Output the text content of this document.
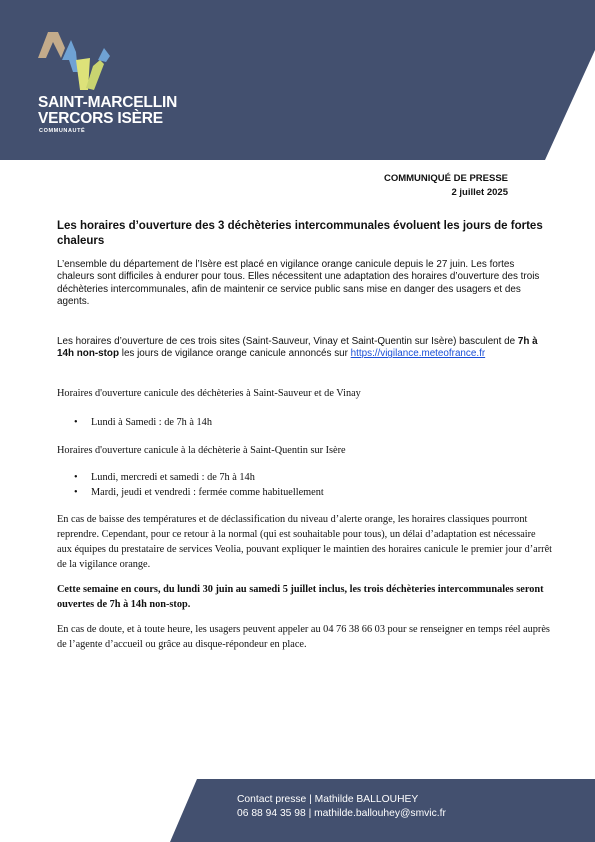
SAINT-MARCELLIN
VERCORS ISÈRE
COMMUNAUTÉ
COMMUNIQUÉ DE PRESSE
2 juillet 2025
Les horaires d’ouverture des 3 déchèteries intercommunales évoluent les jours de fortes chaleurs
L’ensemble du département de l’Isère est placé en vigilance orange canicule depuis le 27 juin. Les fortes chaleurs sont difficiles à endurer pour tous. Elles nécessitent une adaptation des horaires d’ouverture des trois déchèteries intercommunales, afin de maintenir ce service public sans mise en danger des usagers et des agents.
Les horaires d’ouverture de ces trois sites (Saint-Sauveur, Vinay et Saint-Quentin sur Isère) basculent de 7h à 14h non-stop les jours de vigilance orange canicule annoncés sur https://vigilance.meteofrance.fr
Horaires d'ouverture canicule des déchèteries à Saint-Sauveur et de Vinay
• Lundi à Samedi : de 7h à 14h
Horaires d'ouverture canicule à la déchèterie à Saint-Quentin sur Isère
• Lundi, mercredi et samedi : de 7h à 14h
• Mardi, jeudi et vendredi : fermée comme habituellement
En cas de baisse des températures et de déclassification du niveau d’alerte orange, les horaires classiques pourront reprendre. Cependant, pour ce retour à la normal (qui est souhaitable pour tous), un délai d’adaptation est nécessaire aux équipes du prestataire de services Veolia, pouvant expliquer le maintien des horaires canicule le premier jour d’arrêt de la vigilance orange.
Cette semaine en cours, du lundi 30 juin au samedi 5 juillet inclus, les trois déchèteries intercommunales seront ouvertes de 7h à 14h non-stop.
En cas de doute, et à toute heure, les usagers peuvent appeler au 04 76 38 66 03 pour se renseigner en temps réel auprès de l’agente d’accueil ou grâce au disque-répondeur en place.
Contact presse | Mathilde BALLOUHEY
06 88 94 35 98 | mathilde.ballouhey@smvic.fr
